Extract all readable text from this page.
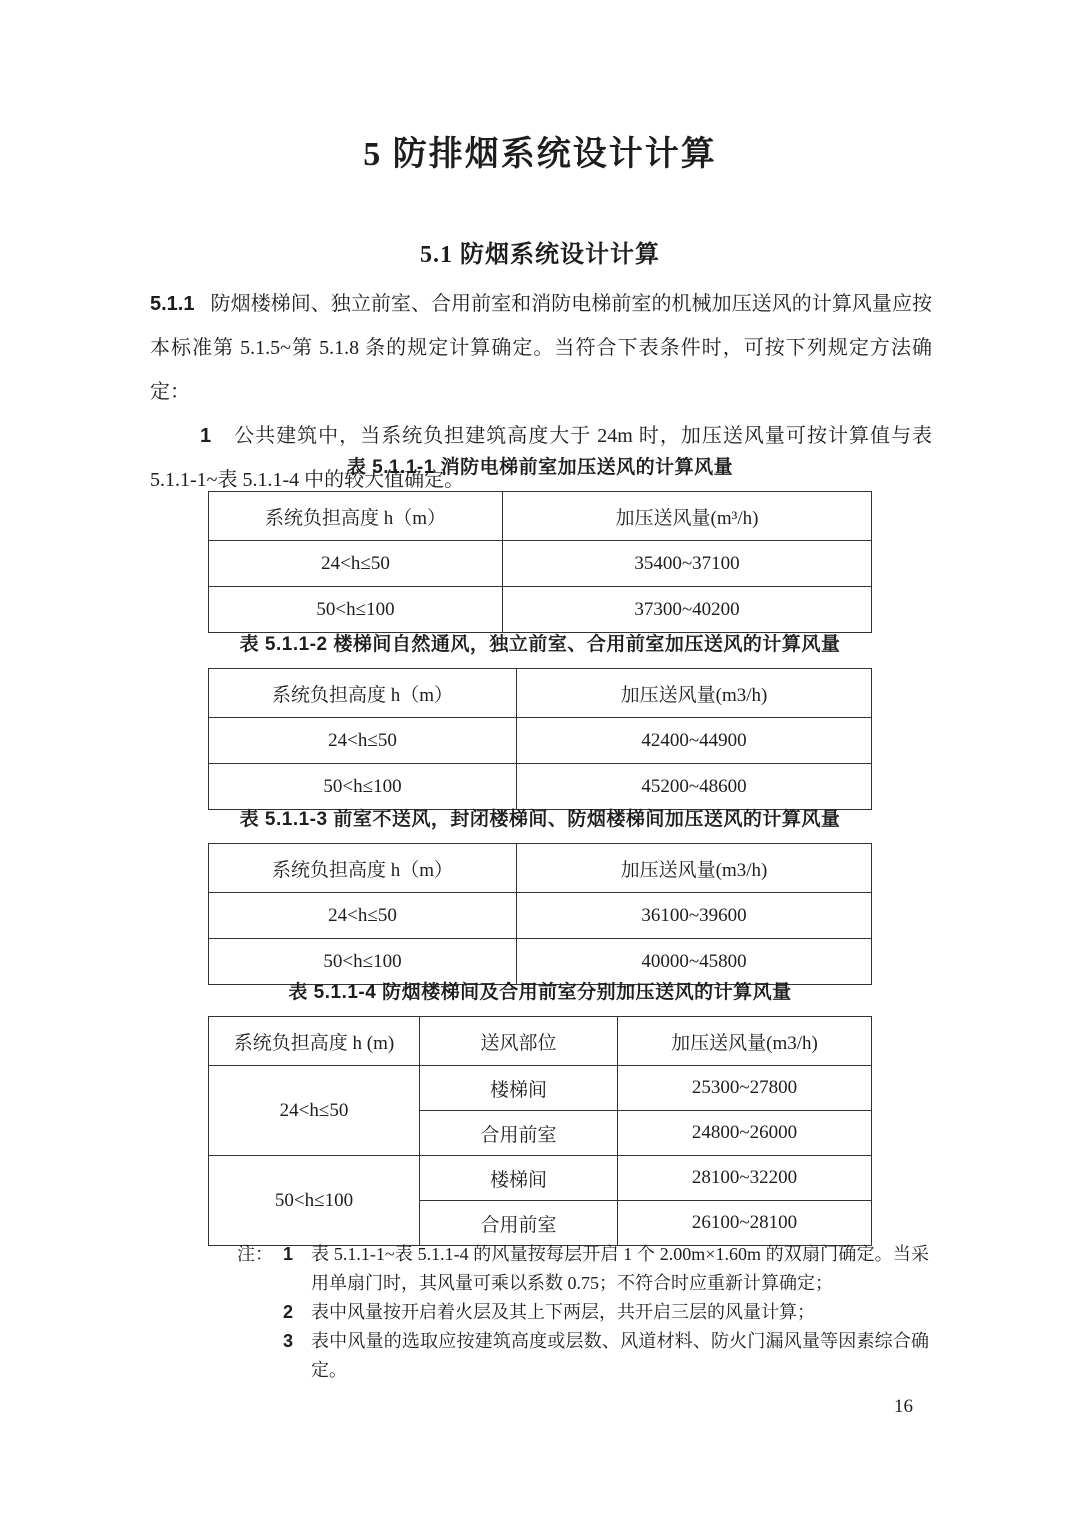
5 防排烟系统设计计算
5.1 防烟系统设计计算

5.1.1 防烟楼梯间、独立前室、合用前室和消防电梯前室的机械加压送风的计算风量应按本标准第 5.1.5~第 5.1.8 条的规定计算确定。当符合下表条件时，可按下列规定方法确定：

1 公共建筑中，当系统负担建筑高度大于 24m 时，加压送风量可按计算值与表 5.1.1-1~表 5.1.1-4 中的较大值确定。

表 5.1.1-1 消防电梯前室加压送风的计算风量
系统负担高度 h（m）	加压送风量(m³/h)
24<h≤50	35400~37100
50<h≤100	37300~40200
表 5.1.1-2 楼梯间自然通风，独立前室、合用前室加压送风的计算风量
系统负担高度 h（m）	加压送风量(m3/h)
24<h≤50	42400~44900
50<h≤100	45200~48600
表 5.1.1-3 前室不送风，封闭楼梯间、防烟楼梯间加压送风的计算风量
系统负担高度 h（m）	加压送风量(m3/h)
24<h≤50	36100~39600
50<h≤100	40000~45800
表 5.1.1-4 防烟楼梯间及合用前室分别加压送风的计算风量
系统负担高度 h (m)	送风部位	加压送风量(m3/h)
24<h≤50	楼梯间	25300~27800
	合用前室	24800~26000
50<h≤100	楼梯间	28100~32200
	合用前室	26100~28100
注： 1 表 5.1.1-1~表 5.1.1-4 的风量按每层开启 1 个 2.00m×1.60m 的双扇门确定。当采用单扇门时，其风量可乘以系数 0.75；不符合时应重新计算确定；
2 表中风量按开启着火层及其上下两层，共开启三层的风量计算；
3 表中风量的选取应按建筑高度或层数、风道材料、防火门漏风量等因素综合确定。
16
